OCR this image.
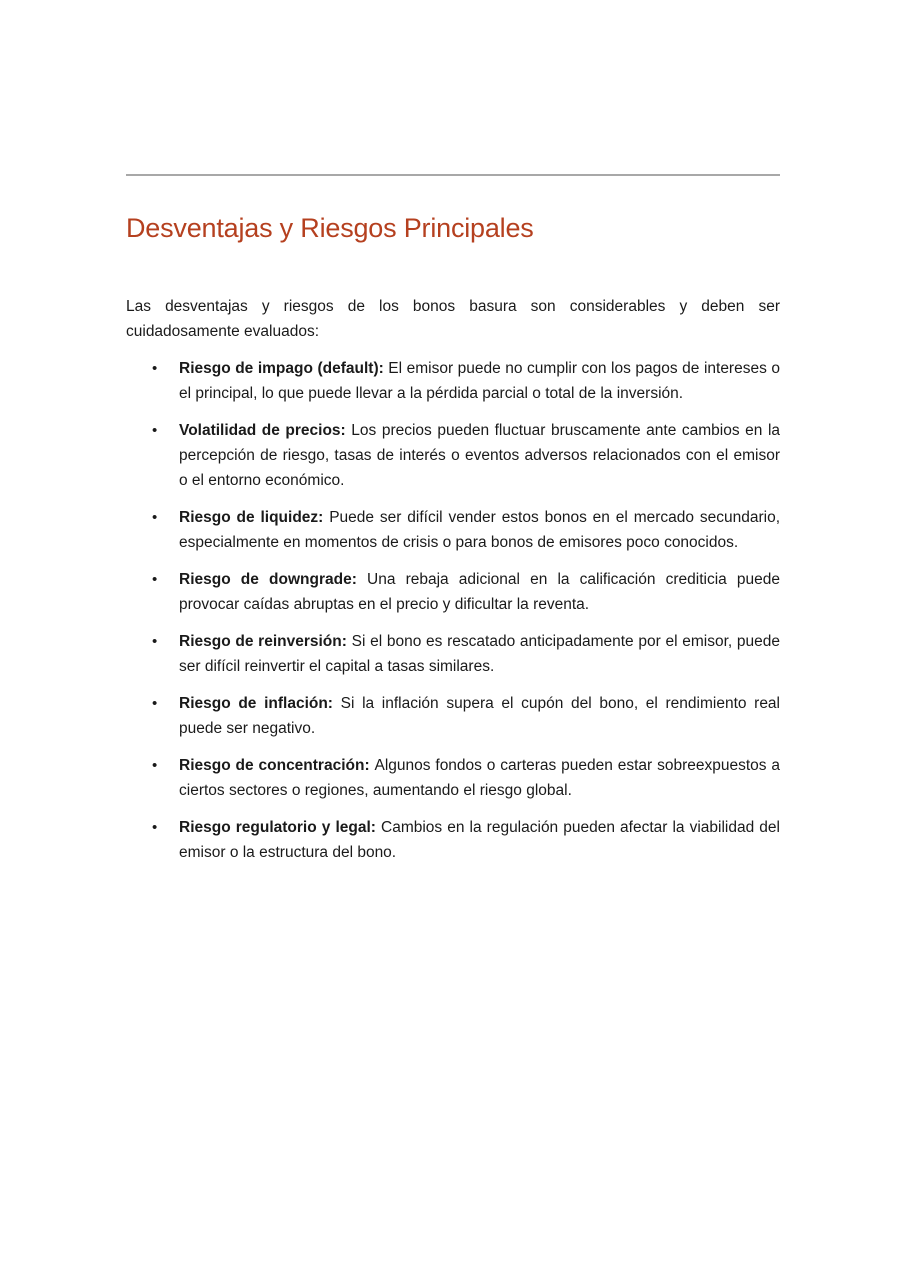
Desventajas y Riesgos Principales

Las desventajas y riesgos de los bonos basura son considerables y deben ser cuidadosamente evaluados:

•	Riesgo de impago (default): El emisor puede no cumplir con los pagos de intereses o el principal, lo que puede llevar a la pérdida parcial o total de la inversión.
•	Volatilidad de precios: Los precios pueden fluctuar bruscamente ante cambios en la percepción de riesgo, tasas de interés o eventos adversos relacionados con el emisor o el entorno económico.
•	Riesgo de liquidez: Puede ser difícil vender estos bonos en el mercado secundario, especialmente en momentos de crisis o para bonos de emisores poco conocidos.
•	Riesgo de downgrade: Una rebaja adicional en la calificación crediticia puede provocar caídas abruptas en el precio y dificultar la reventa.
•	Riesgo de reinversión: Si el bono es rescatado anticipadamente por el emisor, puede ser difícil reinvertir el capital a tasas similares.
•	Riesgo de inflación: Si la inflación supera el cupón del bono, el rendimiento real puede ser negativo.
•	Riesgo de concentración: Algunos fondos o carteras pueden estar sobreexpuestos a ciertos sectores o regiones, aumentando el riesgo global.
•	Riesgo regulatorio y legal: Cambios en la regulación pueden afectar la viabilidad del emisor o la estructura del bono.
